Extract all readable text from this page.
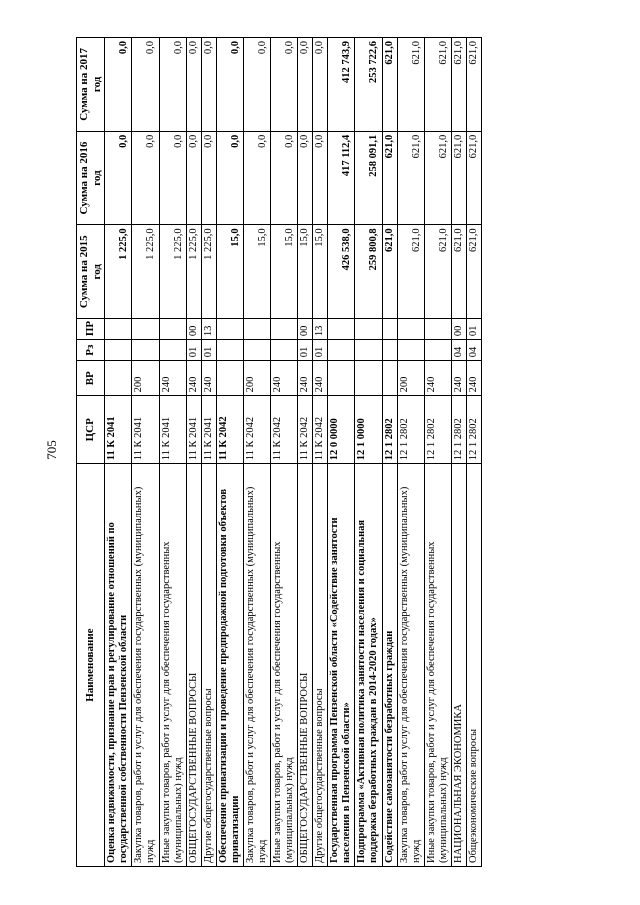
705
Наименование	ЦСР	ВР	Рз	ПР	Сумма на 2015 год	Сумма на 2016 год	Сумма на 2017 год
Оценка недвижимости, признание прав и регулирование отношений по государственной собственности Пензенской области	11 К 2041				1 225,0	0,0	0,0
Закупка товаров, работ и услуг для обеспечения государственных (муниципальных) нужд	11 К 2041	200			1 225,0	0,0	0,0
Иные закупки товаров, работ и услуг для обеспечения государственных (муниципальных) нужд	11 К 2041	240			1 225,0	0,0	0,0
ОБЩЕГОСУДАРСТВЕННЫЕ ВОПРОСЫ	11 К 2041	240	01	00	1 225,0	0,0	0,0
Другие общегосударственные вопросы	11 К 2041	240	01	13	1 225,0	0,0	0,0
Обеспечение приватизации и проведение предпродажной подготовки объектов приватизации	11 К 2042				15,0	0,0	0,0
Закупка товаров, работ и услуг для обеспечения государственных (муниципальных) нужд	11 К 2042	200			15,0	0,0	0,0
Иные закупки товаров, работ и услуг для обеспечения государственных (муниципальных) нужд	11 К 2042	240			15,0	0,0	0,0
ОБЩЕГОСУДАРСТВЕННЫЕ ВОПРОСЫ	11 К 2042	240	01	00	15,0	0,0	0,0
Другие общегосударственные вопросы	11 К 2042	240	01	13	15,0	0,0	0,0
Государственная программа Пензенской области «Содействие занятости населения в Пензенской области»	12 0 0000				426 538,0	417 112,4	412 743,9
Подпрограмма «Активная политика занятости населения и социальная поддержка безработных граждан в 2014-2020 годах»	12 1 0000				259 800,8	258 091,1	253 722,6
Содействие самозанятости безработных граждан	12 1 2802				621,0	621,0	621,0
Закупка товаров, работ и услуг для обеспечения государственных (муниципальных) нужд	12 1 2802	200			621,0	621,0	621,0
Иные закупки товаров, работ и услуг для обеспечения государственных (муниципальных) нужд	12 1 2802	240			621,0	621,0	621,0
НАЦИОНАЛЬНАЯ ЭКОНОМИКА	12 1 2802	240	04	00	621,0	621,0	621,0
Общеэкономические вопросы	12 1 2802	240	04	01	621,0	621,0	621,0
